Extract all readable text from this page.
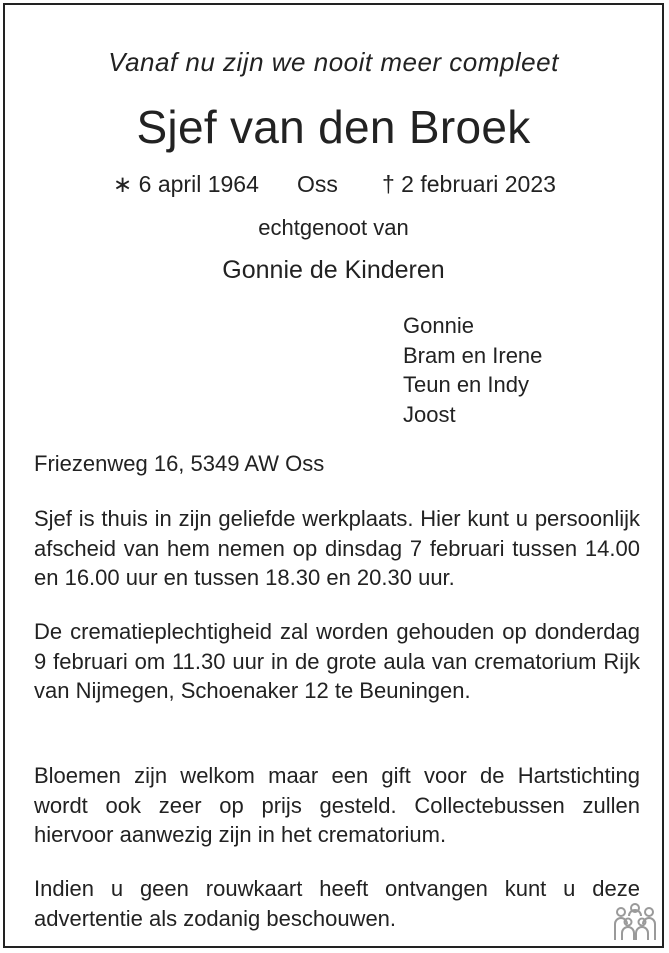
Vanaf nu zijn we nooit meer compleet
Sjef van den Broek
∗ 6 april 1964 Oss † 2 februari 2023
echtgenoot van
Gonnie de Kinderen
Gonnie
Bram en Irene
Teun en Indy
Joost
Friezenweg 16, 5349 AW Oss
Sjef is thuis in zijn geliefde werkplaats. Hier kunt u persoonlijk afscheid van hem nemen op dinsdag 7 februari tussen 14.00 en 16.00 uur en tussen 18.30 en 20.30 uur.
De crematieplechtigheid zal worden gehouden op donderdag 9 februari om 11.30 uur in de grote aula van crematorium Rijk van Nijmegen, Schoenaker 12 te Beuningen.
Bloemen zijn welkom maar een gift voor de Hartstichting wordt ook zeer op prijs gesteld. Collectebussen zullen hiervoor aanwezig zijn in het crematorium.
Indien u geen rouwkaart heeft ontvangen kunt u deze advertentie als zodanig beschouwen.
